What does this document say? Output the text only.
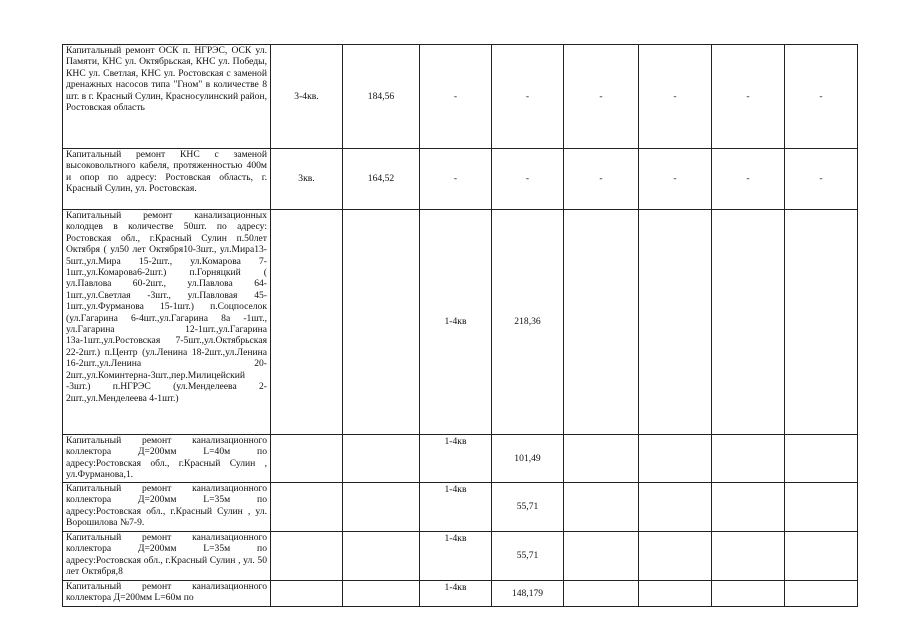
Капитальный ремонт ОСК п. НГРЭС, ОСК ул. Памяти, КНС ул. Октябрьская, КНС ул. Победы, КНС ул. Светлая, КНС ул. Ростовская с заменой дренажных насосов типа "Гном" в количестве 8 шт. в г. Красный Сулин, Красносулинский район, Ростовская область	3-4кв.	184,56	-	-	-	-	-	-
Капитальный ремонт КНС с заменой высоковольтного кабеля, протяженностью 400м и опор по адресу: Ростовская область, г. Красный Сулин, ул. Ростовская.	3кв.	164,52	-	-	-	-	-	-
Капитальный ремонт канализационных колодцев в количестве 50шт. по адресу: Ростовская обл., г.Красный Сулин п.50лет Октября ( ул50 лет Октября10-3шт., ул.Мира13-5шт.,ул.Мира 15-2шт., ул.Комарова 7-1шт.,ул.Комарова6-2шт.) п.Горняцкий ( ул.Павлова 60-2шт., ул.Павлова 64-1шт.,ул.Светлая -3шт., ул.Павловая 45-1шт.,ул.Фурманова 15-1шт.) п.Соцпоселок (ул.Гагарина 6-4шт.,ул.Гагарина 8а -1шт., ул.Гагарина 12-1шт.,ул.Гагарина 13а-1шт.,ул.Ростовская 7-5шт.,ул.Октябрьская 22-2шт.) п.Центр (ул.Ленина 18-2шт.,ул.Ленина 16-2шт.,ул.Ленина 20-2шт.,ул.Коминтерна-3шт.,пер.Милицейский -3шт.) п.НГРЭС (ул.Менделеева 2-2шт.,ул.Менделеева 4-1шт.)			1-4кв	218,36				
Капитальный ремонт канализационного коллектора Д=200мм L=40м по адресу:Ростовская обл., г.Красный Сулин , ул.Фурманова,1.			1-4кв	101,49				
Капитальный ремонт канализационного коллектора Д=200мм L=35м по адресу:Ростовская обл., г.Красный Сулин , ул. Ворошилова №7-9.			1-4кв	55,71				
Капитальный ремонт канализационного коллектора Д=200мм L=35м по адресу:Ростовская обл., г.Красный Сулин , ул. 50 лет Октября,8			1-4кв	55,71				
Капитальный ремонт канализационного коллектора Д=200мм L=60м по			1-4кв	148,179				
